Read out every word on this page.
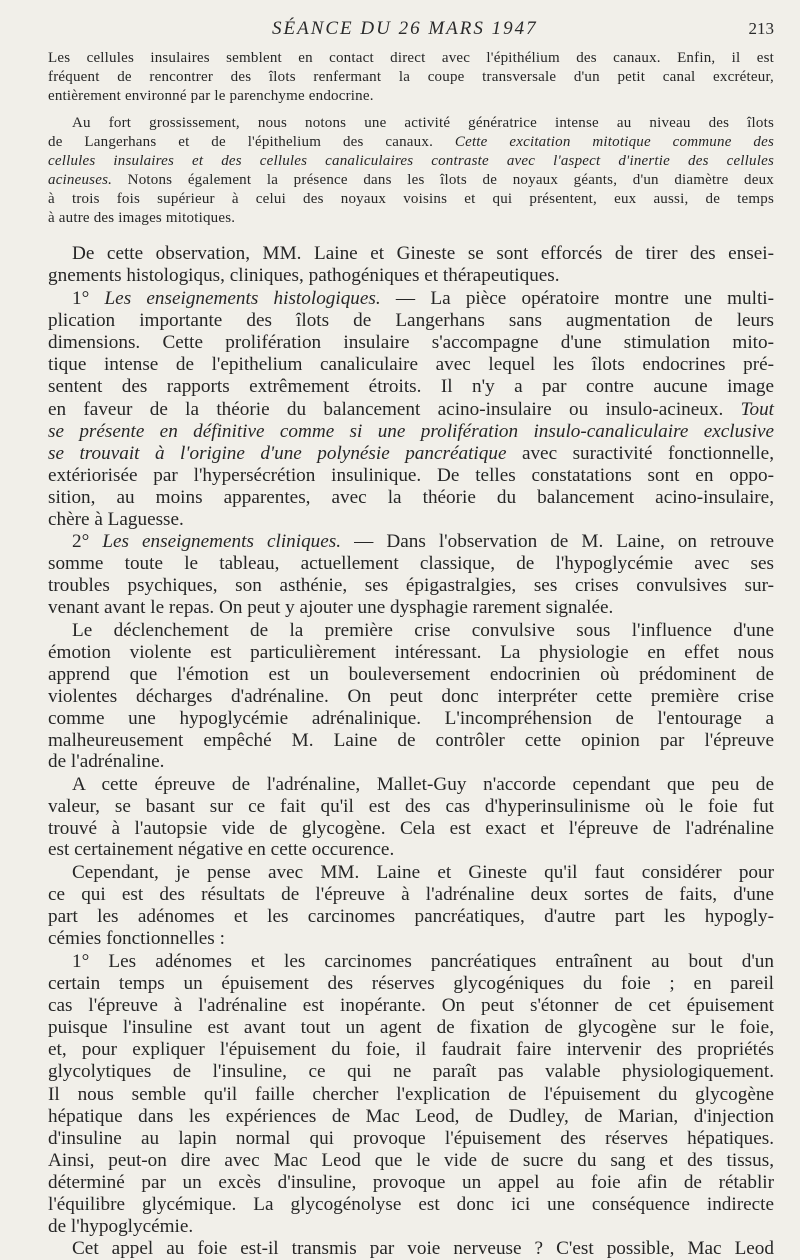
SÉANCE DU 26 MARS 1947	213
Les cellules insulaires semblent en contact direct avec l'épithélium des canaux. Enfin, il est
fréquent de rencontrer des îlots renfermant la coupe transversale d'un petit canal excréteur,
entièrement environné par le parenchyme endocrine.
Au fort grossissement, nous notons une activité génératrice intense au niveau des îlots
de Langerhans et de l'épithelium des canaux. Cette excitation mitotique commune des
cellules insulaires et des cellules canaliculaires contraste avec l'aspect d'inertie des cellules
acineuses. Notons également la présence dans les îlots de noyaux géants, d'un diamètre deux
à trois fois supérieur à celui des noyaux voisins et qui présentent, eux aussi, de temps
à autre des images mitotiques.
De cette observation, MM. Laine et Gineste se sont efforcés de tirer des ensei-
gnements histologiqus, cliniques, pathogéniques et thérapeutiques.
1° Les enseignements histologiques. — La pièce opératoire montre une multi-
plication importante des îlots de Langerhans sans augmentation de leurs
dimensions. Cette prolifération insulaire s'accompagne d'une stimulation mito-
tique intense de l'epithelium canaliculaire avec lequel les îlots endocrines pré-
sentent des rapports extrêmement étroits. Il n'y a par contre aucune image
en faveur de la théorie du balancement acino-insulaire ou insulo-acineux. Tout
se présente en définitive comme si une prolifération insulo-canaliculaire exclusive
se trouvait à l'origine d'une polynésie pancréatique avec suractivité fonctionnelle,
extériorisée par l'hypersécrétion insulinique. De telles constatations sont en oppo-
sition, au moins apparentes, avec la théorie du balancement acino-insulaire,
chère à Laguesse.
2° Les enseignements cliniques. — Dans l'observation de M. Laine, on retrouve
somme toute le tableau, actuellement classique, de l'hypoglycémie avec ses
troubles psychiques, son asthénie, ses épigastralgies, ses crises convulsives sur-
venant avant le repas. On peut y ajouter une dysphagie rarement signalée.
Le déclenchement de la première crise convulsive sous l'influence d'une
émotion violente est particulièrement intéressant. La physiologie en effet nous
apprend que l'émotion est un bouleversement endocrinien où prédominent de
violentes décharges d'adrénaline. On peut donc interpréter cette première crise
comme une hypoglycémie adrénalinique. L'incompréhension de l'entourage a
malheureusement empêché M. Laine de contrôler cette opinion par l'épreuve
de l'adrénaline.
A cette épreuve de l'adrénaline, Mallet-Guy n'accorde cependant que peu de
valeur, se basant sur ce fait qu'il est des cas d'hyperinsulinisme où le foie fut
trouvé à l'autopsie vide de glycogène. Cela est exact et l'épreuve de l'adrénaline
est certainement négative en cette occurence.
Cependant, je pense avec MM. Laine et Gineste qu'il faut considérer pour
ce qui est des résultats de l'épreuve à l'adrénaline deux sortes de faits, d'une
part les adénomes et les carcinomes pancréatiques, d'autre part les hypogly-
cémies fonctionnelles :
1° Les adénomes et les carcinomes pancréatiques entraînent au bout d'un
certain temps un épuisement des réserves glycogéniques du foie ; en pareil
cas l'épreuve à l'adrénaline est inopérante. On peut s'étonner de cet épuisement
puisque l'insuline est avant tout un agent de fixation de glycogène sur le foie,
et, pour expliquer l'épuisement du foie, il faudrait faire intervenir des propriétés
glycolytiques de l'insuline, ce qui ne paraît pas valable physiologiquement.
Il nous semble qu'il faille chercher l'explication de l'épuisement du glycogène
hépatique dans les expériences de Mac Leod, de Dudley, de Marian, d'injection
d'insuline au lapin normal qui provoque l'épuisement des réserves hépatiques.
Ainsi, peut-on dire avec Mac Leod que le vide de sucre du sang et des tissus,
déterminé par un excès d'insuline, provoque un appel au foie afin de rétablir
l'équilibre glycémique. La glycogénolyse est donc ici une conséquence indirecte
de l'hypoglycémie.
Cet appel au foie est-il transmis par voie nerveuse ? C'est possible, Mac Leod
